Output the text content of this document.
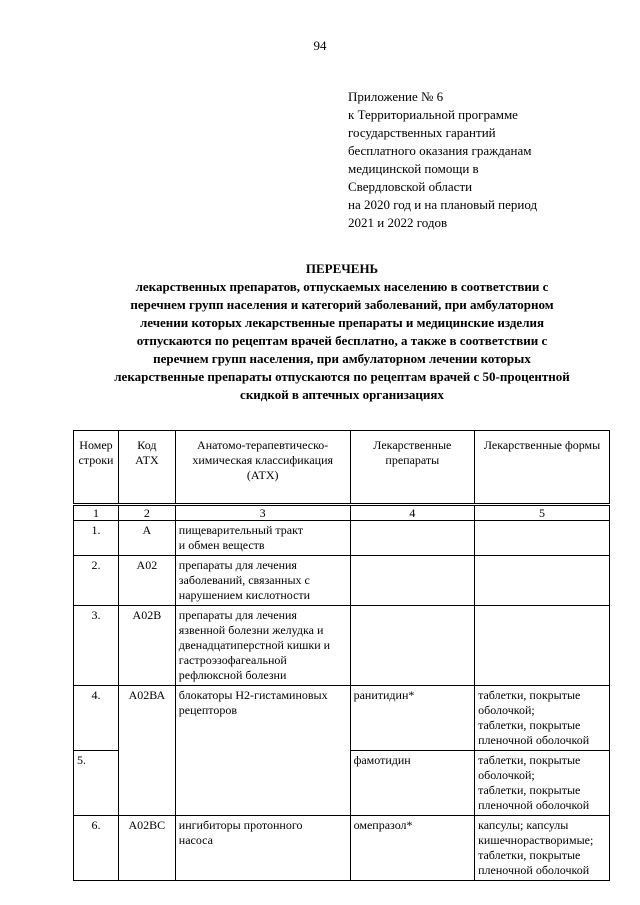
94
Приложение № 6
к Территориальной программе
государственных гарантий
бесплатного оказания гражданам
медицинской помощи в
Свердловской области
на 2020 год и на плановый период
2021 и 2022 годов
ПЕРЕЧЕНЬ
лекарственных препаратов, отпускаемых населению в соответствии с
перечнем групп населения и категорий заболеваний, при амбулаторном
лечении которых лекарственные препараты и медицинские изделия
отпускаются по рецептам врачей бесплатно, а также в соответствии с
перечнем групп населения, при амбулаторном лечении которых
лекарственные препараты отпускаются по рецептам врачей с 50-процентной
скидкой в аптечных организациях
Номер
строки	Код
АТХ	Анатомо-терапевтическо-
химическая классификация
(АТХ)	Лекарственные
препараты	Лекарственные формы

1	2	3	4	5
1.	А	пищеварительный тракт
и обмен веществ		

2.	А02	препараты для лечения
заболеваний, связанных с
нарушением кислотности		

3.	А02В	препараты для лечения
язвенной болезни желудка и
двенадцатиперстной кишки и
гастроэзофагеальной
рефлюксной болезни		

4.	А02ВА	блокаторы Н2-гистаминовых
рецепторов	ранитидин*	таблетки, покрытые
оболочкой;
таблетки, покрытые
пленочной оболочкой

5.			фамотидин	таблетки, покрытые
оболочкой;
таблетки, покрытые
пленочной оболочкой

6.	А02ВС	ингибиторы протонного
насоса	омепразол*	капсулы; капсулы
кишечнорастворимые;
таблетки, покрытые
пленочной оболочкой
